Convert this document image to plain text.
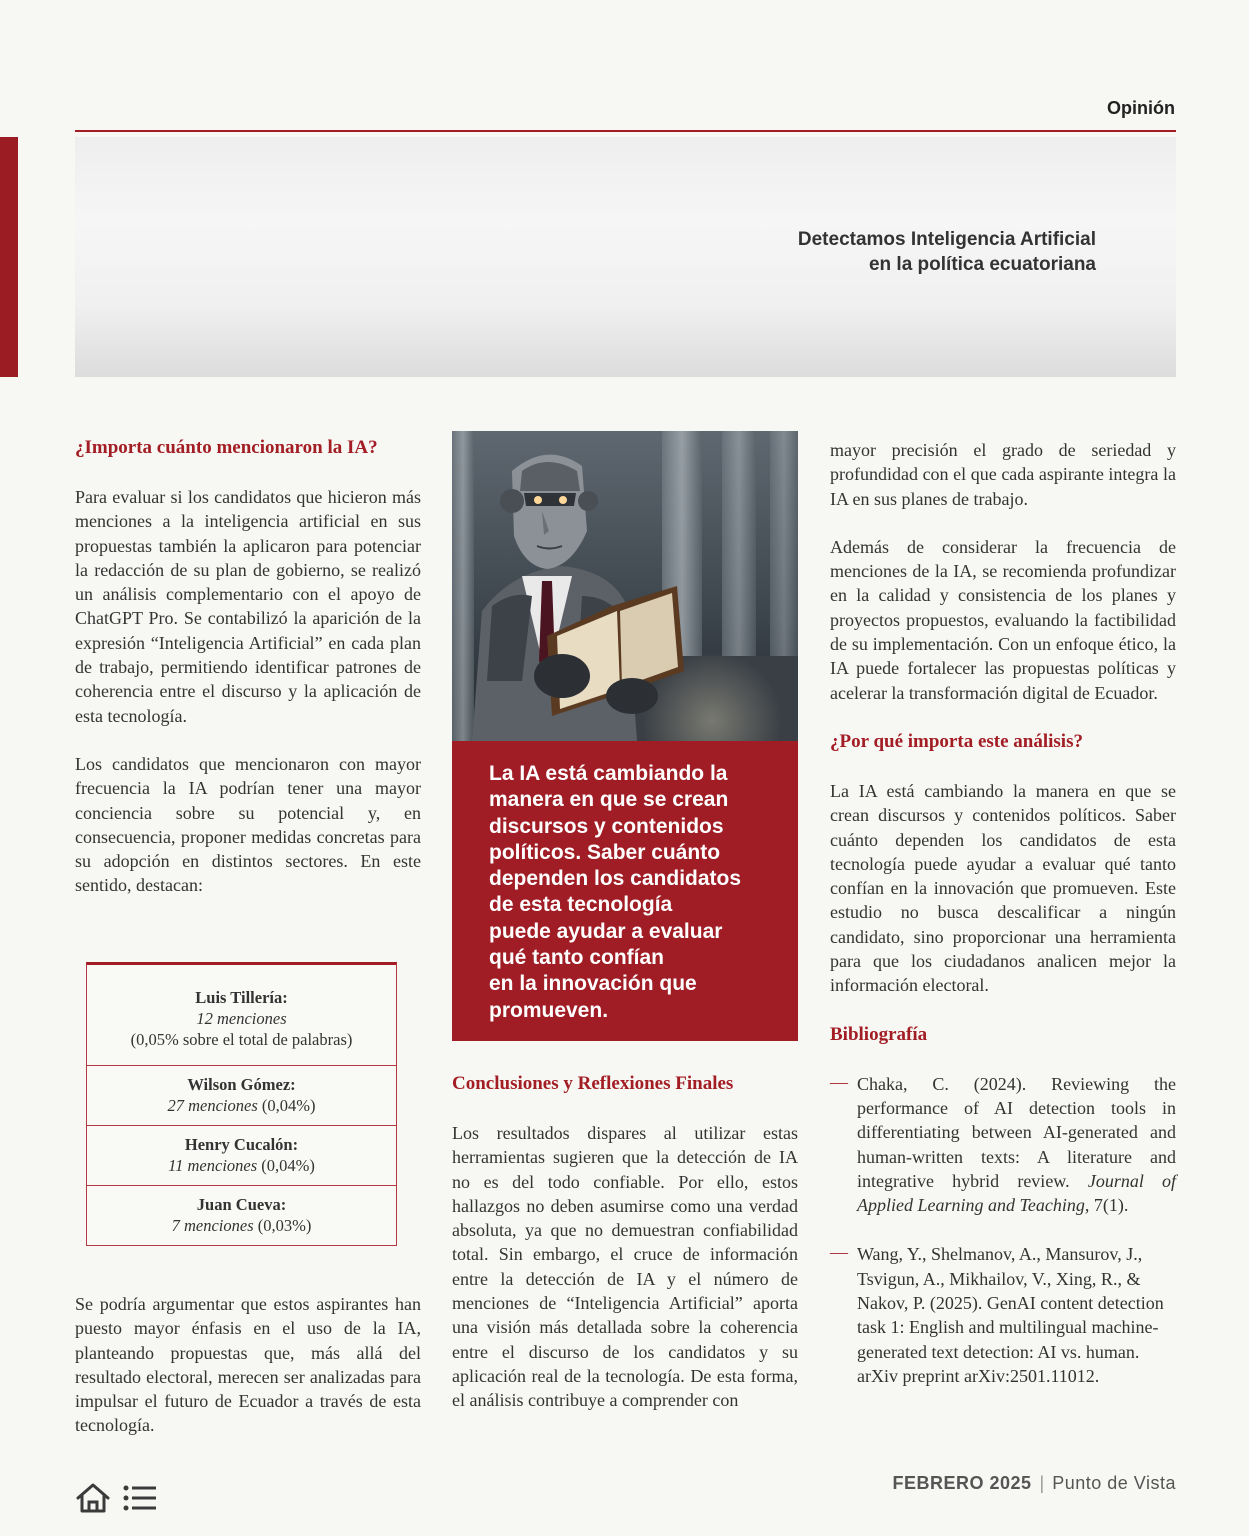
Opinión
Detectamos Inteligencia Artificial
en la política ecuatoriana
¿Importa cuánto mencionaron la IA?

Para evaluar si los candidatos que hicieron más menciones a la inteligencia artificial en sus propuestas también la aplicaron para potenciar la redacción de su plan de gobierno, se realizó un análisis complementario con el apoyo de ChatGPT Pro. Se contabilizó la aparición de la expresión “Inteligencia Artificial” en cada plan de trabajo, permitiendo identificar patrones de coherencia entre el discurso y la aplicación de esta tecnología.

Los candidatos que mencionaron con mayor frecuencia la IA podrían tener una mayor conciencia sobre su potencial y, en consecuencia, proponer medidas concretas para su adopción en distintos sectores. En este sentido, destacan:

Luis Tillería:
12 menciones
(0,05% sobre el total de palabras)
Wilson Gómez:
27 menciones (0,04%)
Henry Cucalón:
11 menciones (0,04%)
Juan Cueva:
7 menciones (0,03%)

Se podría argumentar que estos aspirantes han puesto mayor énfasis en el uso de la IA, planteando propuestas que, más allá del resultado electoral, merecen ser analizadas para impulsar el futuro de Ecuador a través de esta tecnología.

La IA está cambiando la
manera en que se crean
discursos y contenidos
políticos. Saber cuánto
dependen los candidatos
de esta tecnología
puede ayudar a evaluar
qué tanto confían
en la innovación que
promueven.
Conclusiones y Reflexiones Finales

Los resultados dispares al utilizar estas herramientas sugieren que la detección de IA no es del todo confiable. Por ello, estos hallazgos no deben asumirse como una verdad absoluta, ya que no demuestran confiabilidad total. Sin embargo, el cruce de información entre la detección de IA y el número de menciones de “Inteligencia Artificial” aporta una visión más detallada sobre la coherencia entre el discurso de los candidatos y su aplicación real de la tecnología. De esta forma, el análisis contribuye a comprender con

mayor precisión el grado de seriedad y profundidad con el que cada aspirante integra la IA en sus planes de trabajo.

Además de considerar la frecuencia de menciones de la IA, se recomienda profundizar en la calidad y consistencia de los planes y proyectos propuestos, evaluando la factibilidad de su implementación. Con un enfoque ético, la IA puede fortalecer las propuestas políticas y acelerar la transformación digital de Ecuador.

¿Por qué importa este análisis?

La IA está cambiando la manera en que se crean discursos y contenidos políticos. Saber cuánto dependen los candidatos de esta tecnología puede ayudar a evaluar qué tanto confían en la innovación que promueven. Este estudio no busca descalificar a ningún candidato, sino proporcionar una herramienta para que los ciudadanos analicen mejor la información electoral.

Bibliografía
— Chaka, C. (2024). Reviewing the performance of AI detection tools in differentiating between AI-generated and human-written texts: A literature and integrative hybrid review. Journal of Applied Learning and Teaching, 7(1).

— Wang, Y., Shelmanov, A., Mansurov, J., Tsvigun, A., Mikhailov, V., Xing, R., & Nakov, P. (2025). GenAI content detection task 1: English and multilingual machine-generated text detection: AI vs. human. arXiv preprint arXiv:2501.11012.

FEBRERO 2025 | Punto de Vista
